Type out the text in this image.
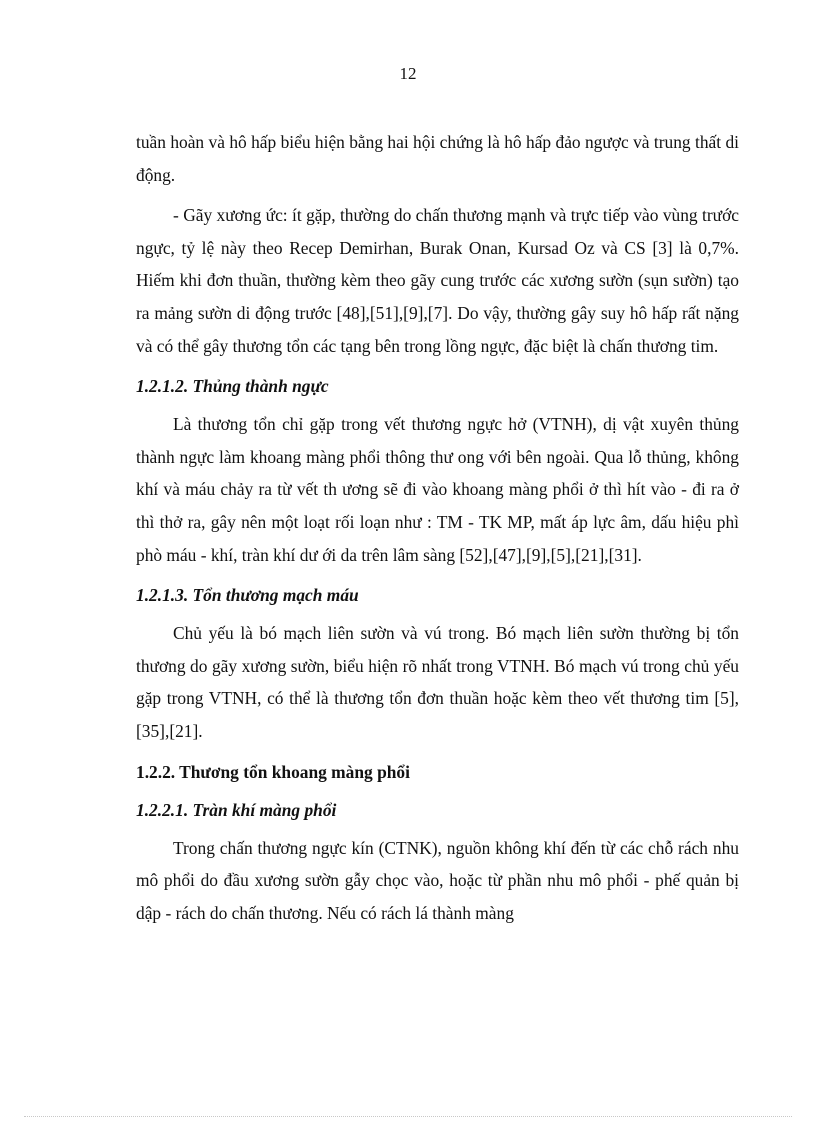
12

tuần hoàn và hô hấp biểu hiện bằng hai hội chứng là hô hấp đảo ngược và trung thất di động.

- Gãy xương ức: ít gặp, thường do chấn thương mạnh và trực tiếp vào vùng trước ngực, tỷ lệ này theo Recep Demirhan, Burak Onan, Kursad Oz và CS [3] là 0,7%. Hiếm khi đơn thuần, thường kèm theo gãy cung trước các xương sườn (sụn sườn) tạo ra mảng sườn di động trước [48],[51],[9],[7]. Do vậy, thường gây suy hô hấp rất nặng và có thể gây thương tổn các tạng bên trong lồng ngực, đặc biệt là chấn thương tim.

1.2.1.2. Thủng thành ngực

Là thương tổn chỉ gặp trong vết thương ngực hở (VTNH), dị vật xuyên thủng thành ngực làm khoang màng phổi thông thư ong với bên ngoài. Qua lỗ thủng, không khí và máu chảy ra từ vết th ương sẽ đi vào khoang màng phổi ở thì hít vào - đi ra ở thì thở ra, gây nên một loạt rối loạn như : TM - TK MP, mất áp lực âm, dấu hiệu phì phò máu - khí, tràn khí dư ới da trên lâm sàng [52],[47],[9],[5],[21],[31].

1.2.1.3. Tổn thương mạch máu

Chủ yếu là bó mạch liên sườn và vú trong. Bó mạch liên sườn thường bị tổn thương do gãy xương sườn, biểu hiện rõ nhất trong VTNH. Bó mạch vú trong chủ yếu gặp trong VTNH, có thể là thương tổn đơn thuần hoặc kèm theo vết thương tim [5],[35],[21].

1.2.2. Thương tổn khoang màng phổi
1.2.2.1. Tràn khí màng phổi

Trong chấn thương ngực kín (CTNK), nguồn không khí đến từ các chỗ rách nhu mô phổi do đầu xương sườn gẫy chọc vào, hoặc từ phần nhu mô phổi - phế quản bị dập - rách do chấn thương. Nếu có rách lá thành màng
